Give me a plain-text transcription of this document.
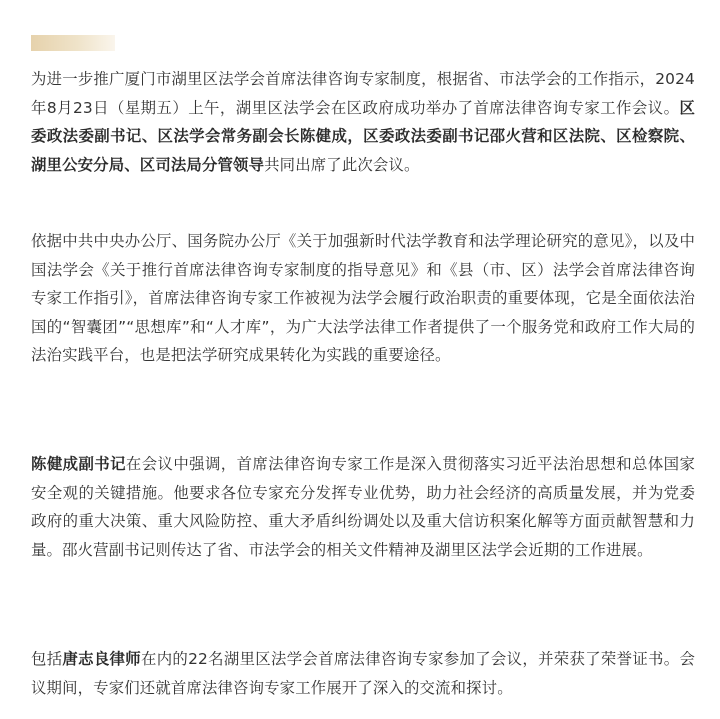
为进一步推广厦门市湖里区法学会首席法律咨询专家制度，根据省、市法学会的工作指示，2024年8月23日（星期五）上午，湖里区法学会在区政府成功举办了首席法律咨询专家工作会议。区委政法委副书记、区法学会常务副会长陈健成，区委政法委副书记邵火营和区法院、区检察院、湖里公安分局、区司法局分管领导共同出席了此次会议。

依据中共中央办公厅、国务院办公厅《关于加强新时代法学教育和法学理论研究的意见》，以及中国法学会《关于推行首席法律咨询专家制度的指导意见》和《县（市、区）法学会首席法律咨询专家工作指引》，首席法律咨询专家工作被视为法学会履行政治职责的重要体现，它是全面依法治国的“智囊团”“思想库”和“人才库”，为广大法学法律工作者提供了一个服务党和政府工作大局的法治实践平台，也是把法学研究成果转化为实践的重要途径。

陈健成副书记在会议中强调，首席法律咨询专家工作是深入贯彻落实习近平法治思想和总体国家安全观的关键措施。他要求各位专家充分发挥专业优势，助力社会经济的高质量发展，并为党委政府的重大决策、重大风险防控、重大矛盾纠纷调处以及重大信访积案化解等方面贡献智慧和力量。邵火营副书记则传达了省、市法学会的相关文件精神及湖里区法学会近期的工作进展。

包括唐志良律师在内的22名湖里区法学会首席法律咨询专家参加了会议，并荣获了荣誉证书。会议期间，专家们还就首席法律咨询专家工作展开了深入的交流和探讨。
